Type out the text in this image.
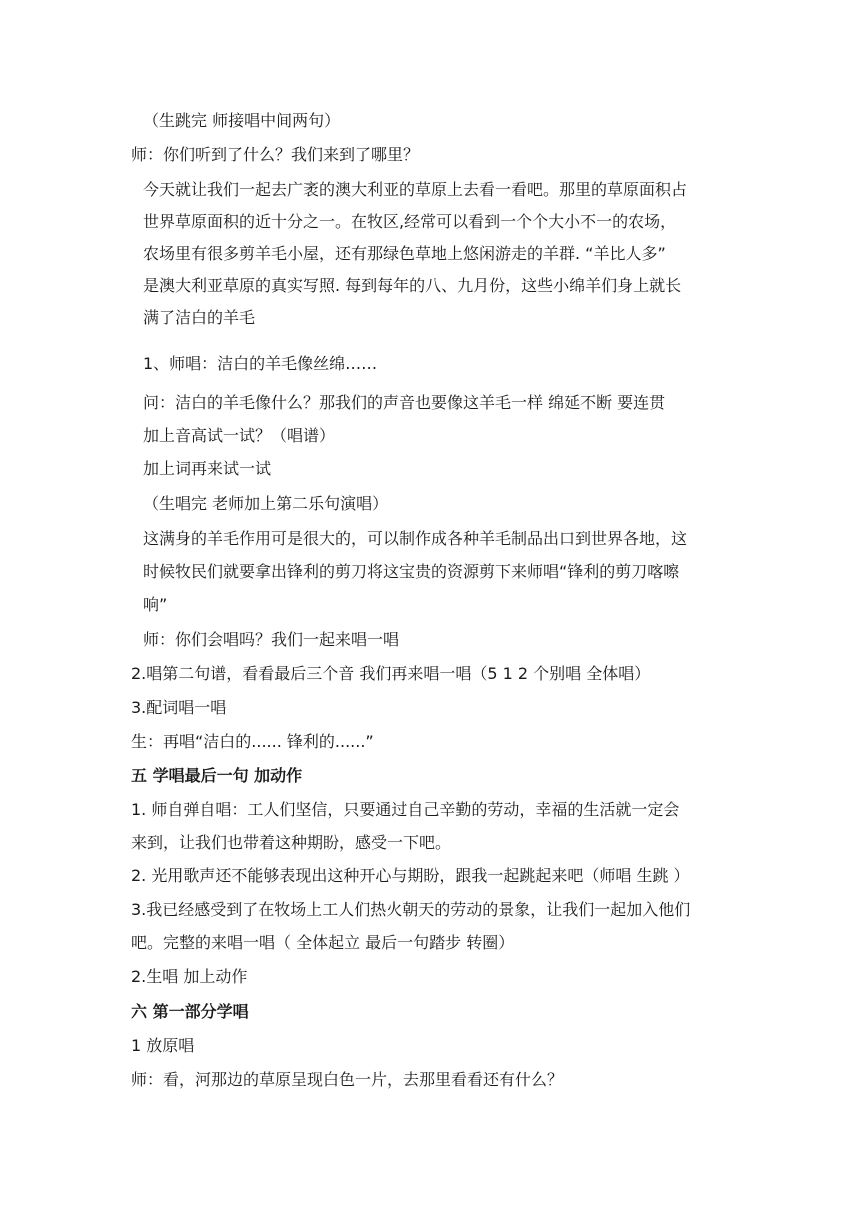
（生跳完 师接唱中间两句）
师：你们听到了什么？我们来到了哪里？
今天就让我们一起去广袤的澳大利亚的草原上去看一看吧。那里的草原面积占
世界草原面积的近十分之一。在牧区,经常可以看到一个个大小不一的农场，
农场里有很多剪羊毛小屋，还有那绿色草地上悠闲游走的羊群. “羊比人多”
是澳大利亚草原的真实写照. 每到每年的八、九月份，这些小绵羊们身上就长
满了洁白的羊毛
1、师唱：洁白的羊毛像丝绵……
问：洁白的羊毛像什么？那我们的声音也要像这羊毛一样 绵延不断 要连贯
加上音高试一试？（唱谱）
加上词再来试一试
（生唱完 老师加上第二乐句演唱）
这满身的羊毛作用可是很大的，可以制作成各种羊毛制品出口到世界各地，这
时候牧民们就要拿出锋利的剪刀将这宝贵的资源剪下来师唱“锋利的剪刀喀嚓
响”
师：你们会唱吗？我们一起来唱一唱
2.唱第二句谱，看看最后三个音 我们再来唱一唱（5 1 2 个别唱 全体唱）
3.配词唱一唱
生：再唱“洁白的...... 锋利的......”
五 学唱最后一句 加动作
1. 师自弹自唱：工人们坚信，只要通过自己辛勤的劳动，幸福的生活就一定会
来到，让我们也带着这种期盼，感受一下吧。
2. 光用歌声还不能够表现出这种开心与期盼，跟我一起跳起来吧（师唱 生跳 ）
3.我已经感受到了在牧场上工人们热火朝天的劳动的景象，让我们一起加入他们
吧。完整的来唱一唱（ 全体起立 最后一句踏步 转圈）
2.生唱 加上动作
六 第一部分学唱
1 放原唱
师：看，河那边的草原呈现白色一片，去那里看看还有什么？
